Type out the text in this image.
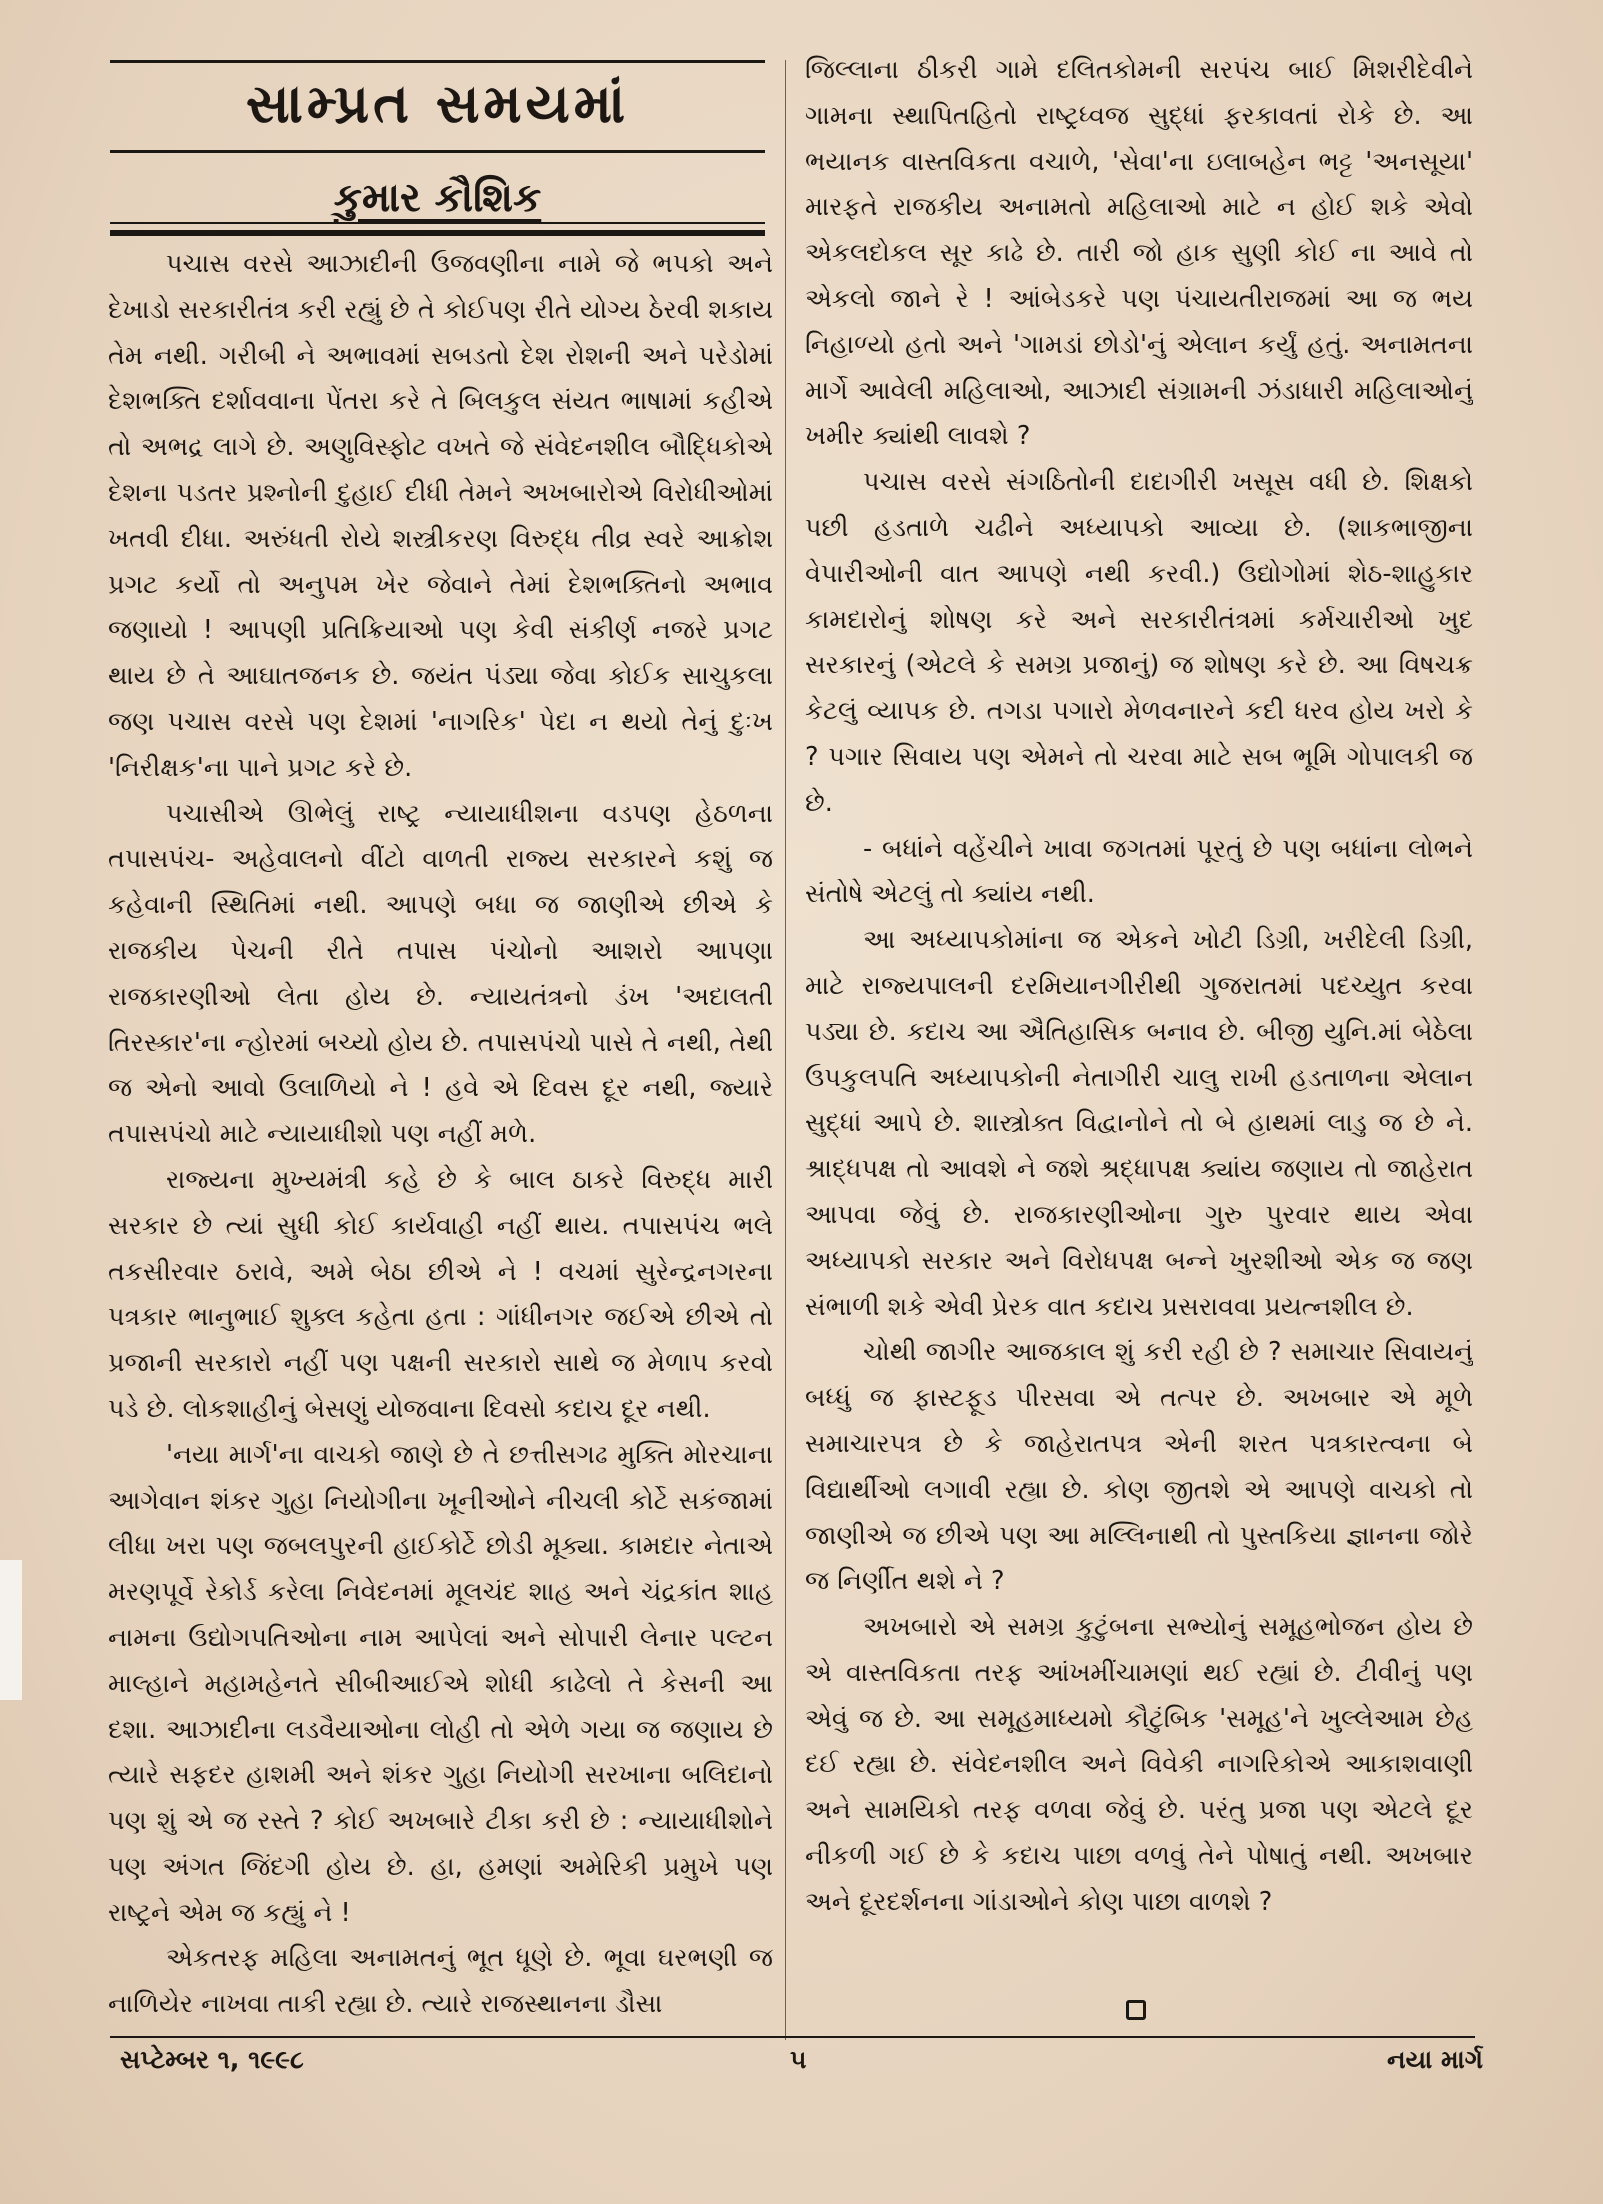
સામ્પ્રત સમયમાં
કુમાર કૌશિક

પચાસ વરસે આઝાદીની ઉજવણીના નામે જે ભપકો અને દેખાડો સરકારીતંત્ર કરી રહ્યું છે તે કોઈપણ રીતે યોગ્ય ઠેરવી શકાય તેમ નથી. ગરીબી ને અભાવમાં સબડતો દેશ રોશની અને પરેડોમાં દેશભક્તિ દર્શાવવાના પેંતરા કરે તે બિલકુલ સંયત ભાષામાં કહીએ તો અભદ્ર લાગે છે. અણુવિસ્ફોટ વખતે જે સંવેદનશીલ બૌદ્ધિકોએ દેશના પડતર પ્રશ્નોની દુહાઈ દીધી તેમને અખબારોએ વિરોધીઓમાં ખતવી દીધા. અરુંધતી રોયે શસ્ત્રીકરણ વિરુદ્ધ તીવ્ર સ્વરે આક્રોશ પ્રગટ કર્યો તો અનુપમ ખેર જેવાને તેમાં દેશભક્તિનો અભાવ જણાયો ! આપણી પ્રતિક્રિયાઓ પણ કેવી સંકીર્ણ નજરે પ્રગટ થાય છે તે આઘાતજનક છે. જયંત પંડ્યા જેવા કોઈક સાચુકલા જણ પચાસ વરસે પણ દેશમાં 'નાગરિક' પેદા ન થયો તેનું દુઃખ 'નિરીક્ષક'ના પાને પ્રગટ કરે છે.

પચાસીએ ઊભેલું રાષ્ટ્ર ન્યાયાધીશના વડપણ હેઠળના તપાસપંચ- અહેવાલનો વીંટો વાળતી રાજ્ય સરકારને કશું જ કહેવાની સ્થિતિમાં નથી. આપણે બધા જ જાણીએ છીએ કે રાજકીય પેચની રીતે તપાસ પંચોનો આશરો આપણા રાજકારણીઓ લેતા હોય છે. ન્યાયતંત્રનો ડંખ 'અદાલતી તિરસ્કાર'ના ન્હોરમાં બચ્યો હોય છે. તપાસપંચો પાસે તે નથી, તેથી જ એનો આવો ઉલાળિયો ને ! હવે એ દિવસ દૂર નથી, જ્યારે તપાસપંચો માટે ન્યાયાધીશો પણ નહીં મળે.

રાજ્યના મુખ્યમંત્રી કહે છે કે બાલ ઠાકરે વિરુદ્ધ મારી સરકાર છે ત્યાં સુધી કોઈ કાર્યવાહી નહીં થાય. તપાસપંચ ભલે તકસીરવાર ઠરાવે, અમે બેઠા છીએ ને ! વચમાં સુરેન્દ્રનગરના પત્રકાર ભાનુભાઈ શુક્લ કહેતા હતા : ગાંધીનગર જઈએ છીએ તો પ્રજાની સરકારો નહીં પણ પક્ષની સરકારો સાથે જ મેળાપ કરવો પડે છે. લોકશાહીનું બેસણું યોજવાના દિવસો કદાચ દૂર નથી.

'નયા માર્ગ'ના વાચકો જાણે છે તે છત્તીસગઢ મુક્તિ મોરચાના આગેવાન શંકર ગુહા નિયોગીના ખૂનીઓને નીચલી કોર્ટે સકંજામાં લીધા ખરા પણ જબલપુરની હાઈકોર્ટે છોડી મૂક્યા. કામદાર નેતાએ મરણપૂર્વે રેકોર્ડ કરેલા નિવેદનમાં મૂલચંદ શાહ અને ચંદ્રકાંત શાહ નામના ઉદ્યોગપતિઓના નામ આપેલાં અને સોપારી લેનાર પલ્ટન માલ્હાને મહામહેનતે સીબીઆઈએ શોધી કાઢેલો તે કેસની આ દશા. આઝાદીના લડવૈયાઓના લોહી તો એળે ગયા જ જણાય છે ત્યારે સફદર હાશમી અને શંકર ગુહા નિયોગી સરખાના બલિદાનો પણ શું એ જ રસ્તે ? કોઈ અખબારે ટીકા કરી છે : ન્યાયાધીશોને પણ અંગત જિંદગી હોય છે. હા, હમણાં અમેરિકી પ્રમુખે પણ રાષ્ટ્રને એમ જ કહ્યું ને !

એકતરફ મહિલા અનામતનું ભૂત ધૂણે છે. ભૂવા ઘરભણી જ નાળિયેર નાખવા તાકી રહ્યા છે. ત્યારે રાજસ્થાનના ડૌસા

જિલ્લાના ઠીકરી ગામે દલિતકોમની સરપંચ બાઈ મિશરીદેવીને ગામના સ્થાપિતહિતો રાષ્ટ્રધ્વજ સુદ્ધાં ફરકાવતાં રોકે છે. આ ભયાનક વાસ્તવિકતા વચાળે, 'સેવા'ના ઇલાબહેન ભટ્ટ 'અનસૂયા' મારફતે રાજકીય અનામતો મહિલાઓ માટે ન હોઈ શકે એવો એકલદોકલ સૂર કાઢે છે. તારી જો હાક સુણી કોઈ ના આવે તો એકલો જાને રે ! આંબેડકરે પણ પંચાયતીરાજમાં આ જ ભય નિહાળ્યો હતો અને 'ગામડાં છોડો'નું એલાન કર્યું હતું. અનામતના માર્ગે આવેલી મહિલાઓ, આઝાદી સંગ્રામની ઝંડાધારી મહિલાઓનું ખમીર ક્યાંથી લાવશે ?

પચાસ વરસે સંગઠિતોની દાદાગીરી ખસૂસ વધી છે. શિક્ષકો પછી હડતાળે ચઢીને અધ્યાપકો આવ્યા છે. (શાકભાજીના વેપારીઓની વાત આપણે નથી કરવી.) ઉદ્યોગોમાં શેઠ-શાહુકાર કામદારોનું શોષણ કરે અને સરકારીતંત્રમાં કર્મચારીઓ ખુદ સરકારનું (એટલે કે સમગ્ર પ્રજાનું) જ શોષણ કરે છે. આ વિષચક્ર કેટલું વ્યાપક છે. તગડા પગારો મેળવનારને કદી ધરવ હોય ખરો કે ? પગાર સિવાય પણ એમને તો ચરવા માટે સબ ભૂમિ ગોપાલકી જ છે.

- બધાંને વહેંચીને ખાવા જગતમાં પૂરતું છે પણ બધાંના લોભને સંતોષે એટલું તો ક્યાંય નથી.

આ અધ્યાપકોમાંના જ એકને ખોટી ડિગ્રી, ખરીદેલી ડિગ્રી, માટે રાજ્યપાલની દરમિયાનગીરીથી ગુજરાતમાં પદચ્યુત કરવા પડ્યા છે. કદાચ આ ઐતિહાસિક બનાવ છે. બીજી યુનિ.માં બેઠેલા ઉપકુલપતિ અધ્યાપકોની નેતાગીરી ચાલુ રાખી હડતાળના એલાન સુદ્ધાં આપે છે. શાસ્ત્રોક્ત વિદ્વાનોને તો બે હાથમાં લાડુ જ છે ને. શ્રાદ્ધપક્ષ તો આવશે ને જશે શ્રદ્ધાપક્ષ ક્યાંય જણાય તો જાહેરાત આપવા જેવું છે. રાજકારણીઓના ગુરુ પુરવાર થાય એવા અધ્યાપકો સરકાર અને વિરોધપક્ષ બન્ને ખુરશીઓ એક જ જણ સંભાળી શકે એવી પ્રેરક વાત કદાચ પ્રસરાવવા પ્રયત્નશીલ છે.

ચોથી જાગીર આજકાલ શું કરી રહી છે ? સમાચાર સિવાયનું બધ્ધું જ ફાસ્ટફૂડ પીરસવા એ તત્પર છે. અખબાર એ મૂળે સમાચારપત્ર છે કે જાહેરાતપત્ર એની શરત પત્રકારત્વના બે વિદ્યાર્થીઓ લગાવી રહ્યા છે. કોણ જીતશે એ આપણે વાચકો તો જાણીએ જ છીએ પણ આ મલ્લિનાથી તો પુસ્તકિયા જ્ઞાનના જોરે જ નિર્ણીત થશે ને ?

અખબારો એ સમગ્ર કુટુંબના સભ્યોનું સમૂહભોજન હોય છે એ વાસ્તવિકતા તરફ આંખમીંચામણાં થઈ રહ્યાં છે. ટીવીનું પણ એવું જ છે. આ સમૂહમાધ્યમો કૌટુંબિક 'સમૂહ'ને ખુલ્લેઆમ છેહ દઈ રહ્યા છે. સંવેદનશીલ અને વિવેકી નાગરિકોએ આકાશવાણી અને સામયિકો તરફ વળવા જેવું છે. પરંતુ પ્રજા પણ એટલે દૂર નીકળી ગઈ છે કે કદાચ પાછા વળવું તેને પોષાતું નથી. અખબાર અને દૂરદર્શનના ગાંડાઓને કોણ પાછા વાળશે ?

સપ્ટેમ્બર ૧, ૧૯૯૮	૫	નયા માર્ગ
